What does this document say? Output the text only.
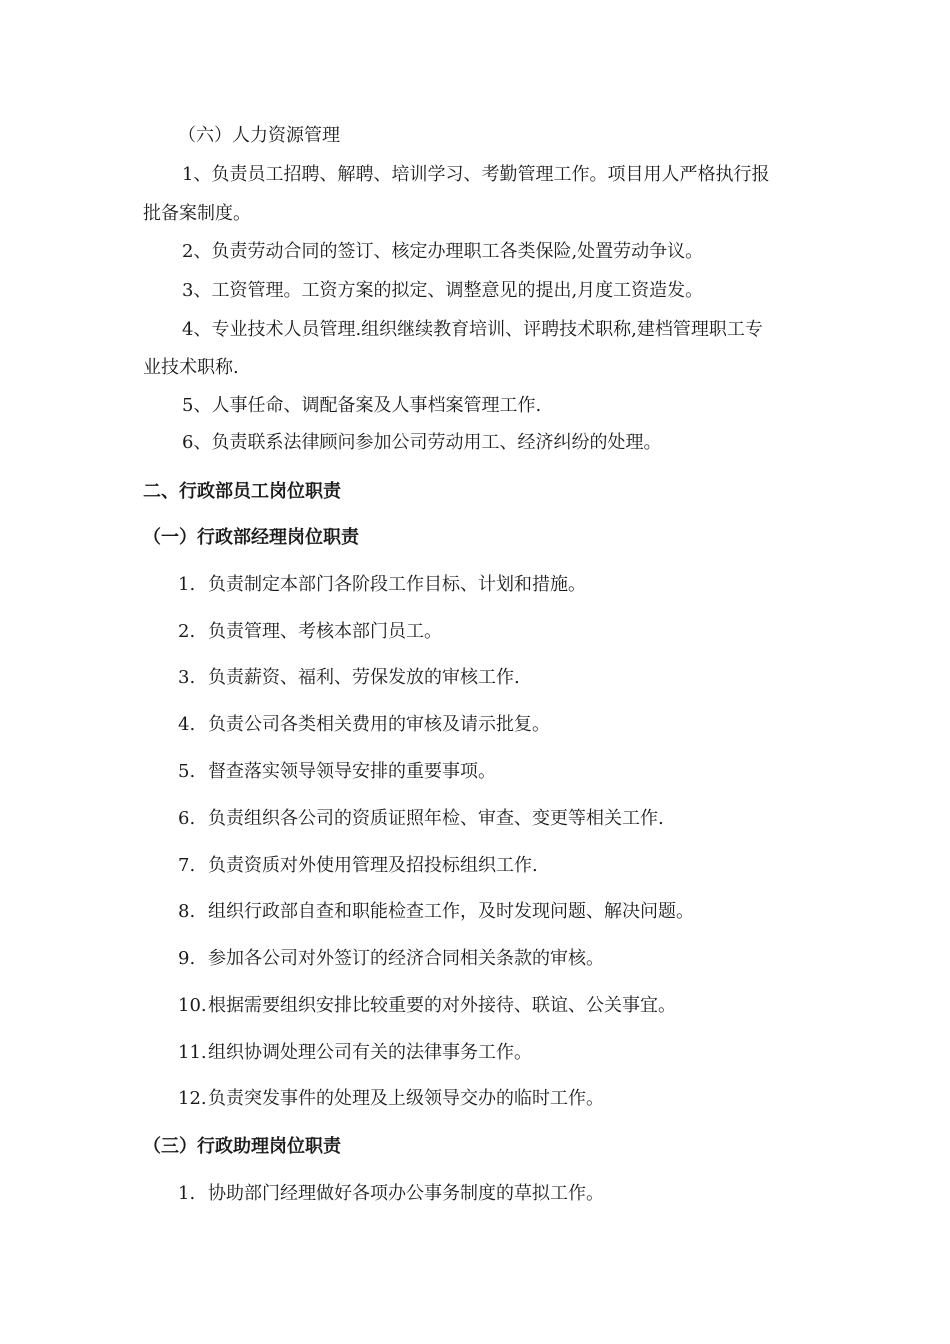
（六）人力资源管理
1、负责员工招聘、解聘、培训学习、考勤管理工作。项目用人严格执行报
批备案制度。
2、负责劳动合同的签订、核定办理职工各类保险,处置劳动争议。
3、工资管理。工资方案的拟定、调整意见的提出,月度工资造发。
4、专业技术人员管理.组织继续教育培训、评聘技术职称,建档管理职工专
业技术职称.
5、人事任命、调配备案及人事档案管理工作.
6、负责联系法律顾问参加公司劳动用工、经济纠纷的处理。
二、行政部员工岗位职责
（一）行政部经理岗位职责
1. 负责制定本部门各阶段工作目标、计划和措施。
2. 负责管理、考核本部门员工。
3. 负责薪资、福利、劳保发放的审核工作.
4. 负责公司各类相关费用的审核及请示批复。
5. 督查落实领导领导安排的重要事项。
6. 负责组织各公司的资质证照年检、审查、变更等相关工作.
7. 负责资质对外使用管理及招投标组织工作.
8. 组织行政部自查和职能检查工作，及时发现问题、解决问题。
9. 参加各公司对外签订的经济合同相关条款的审核。
10.根据需要组织安排比较重要的对外接待、联谊、公关事宜。
11.组织协调处理公司有关的法律事务工作。
12.负责突发事件的处理及上级领导交办的临时工作。
（三）行政助理岗位职责
1. 协助部门经理做好各项办公事务制度的草拟工作。
